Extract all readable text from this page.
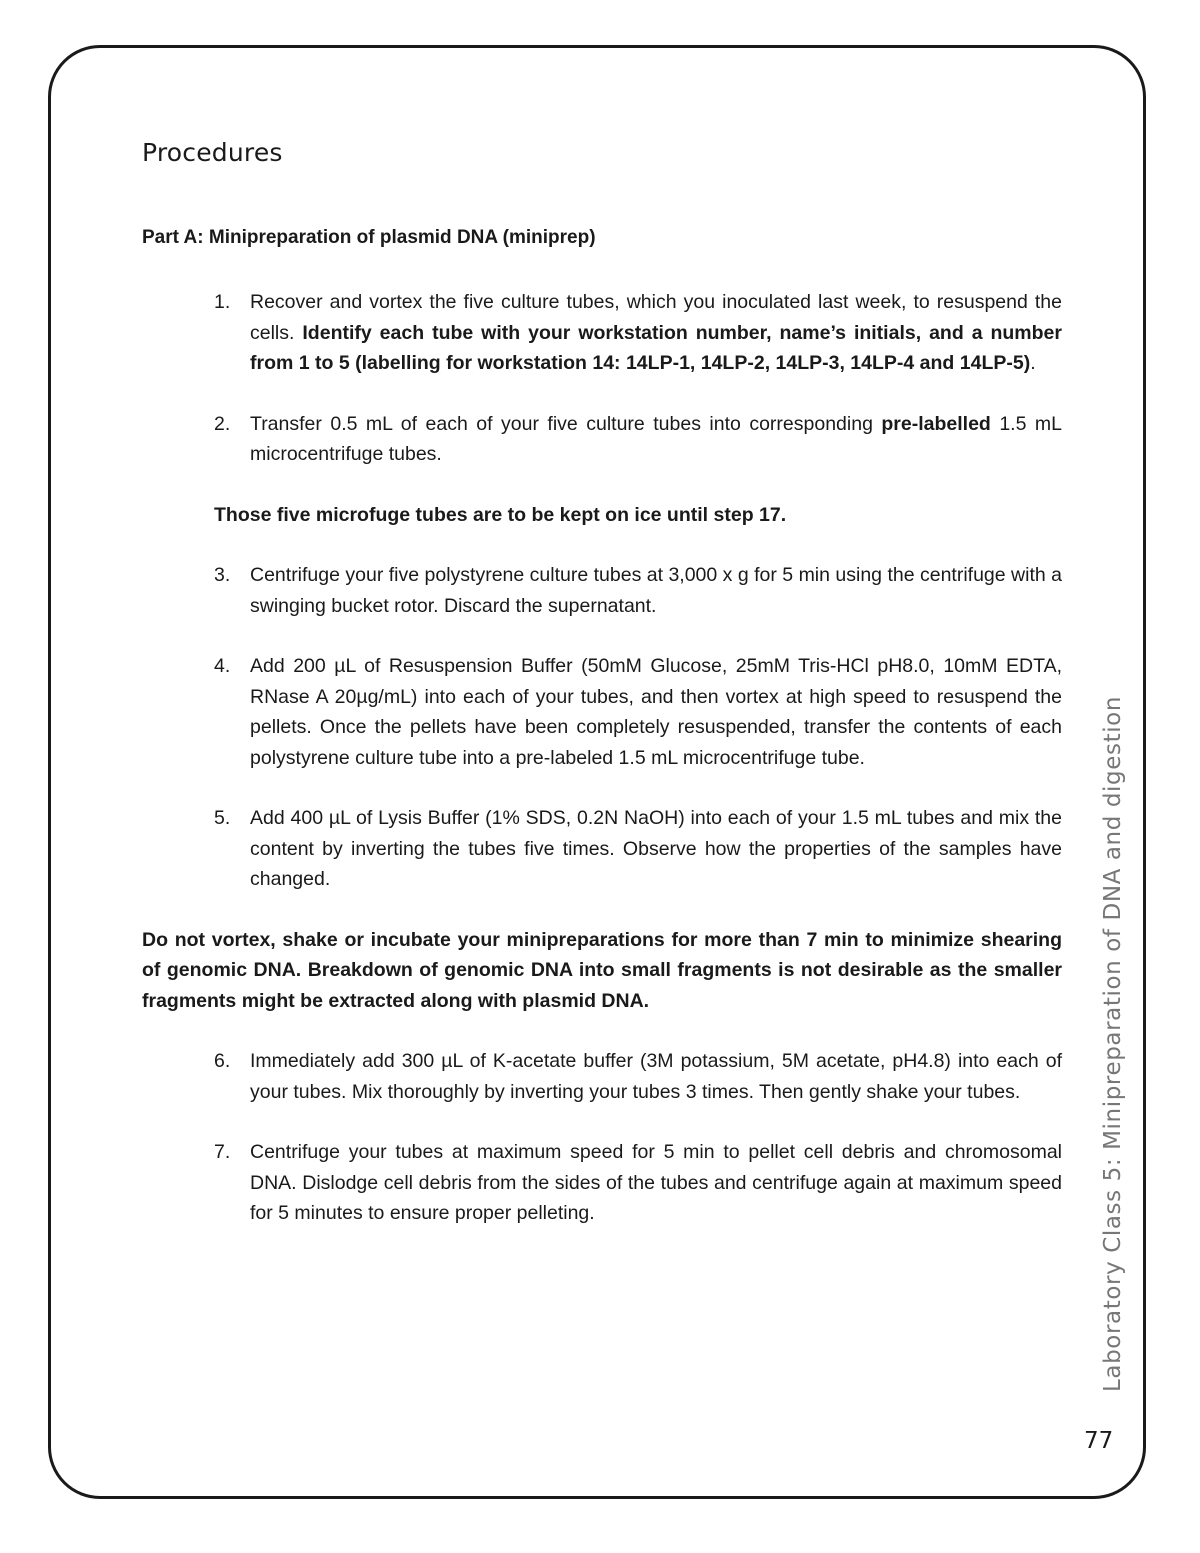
Procedures
Part A: Minipreparation of plasmid DNA (miniprep)
1. Recover and vortex the five culture tubes, which you inoculated last week, to resuspend the cells. Identify each tube with your workstation number, name’s initials, and a number from 1 to 5 (labelling for workstation 14: 14LP-1, 14LP-2, 14LP-3, 14LP-4 and 14LP-5).
2. Transfer 0.5 mL of each of your five culture tubes into corresponding pre-labelled 1.5 mL microcentrifuge tubes.
Those five microfuge tubes are to be kept on ice until step 17.
3. Centrifuge your five polystyrene culture tubes at 3,000 x g for 5 min using the centrifuge with a swinging bucket rotor. Discard the supernatant.
4. Add 200 µL of Resuspension Buffer (50mM Glucose, 25mM Tris-HCl pH8.0, 10mM EDTA, RNase A 20µg/mL) into each of your tubes, and then vortex at high speed to resuspend the pellets. Once the pellets have been completely resuspended, transfer the contents of each polystyrene culture tube into a pre-labeled 1.5 mL microcentrifuge tube.
5. Add 400 µL of Lysis Buffer (1% SDS, 0.2N NaOH) into each of your 1.5 mL tubes and mix the content by inverting the tubes five times. Observe how the properties of the samples have changed.
Do not vortex, shake or incubate your minipreparations for more than 7 min to minimize shearing of genomic DNA. Breakdown of genomic DNA into small fragments is not desirable as the smaller fragments might be extracted along with plasmid DNA.
6. Immediately add 300 µL of K-acetate buffer (3M potassium, 5M acetate, pH4.8) into each of your tubes. Mix thoroughly by inverting your tubes 3 times. Then gently shake your tubes.
7. Centrifuge your tubes at maximum speed for 5 min to pellet cell debris and chromosomal DNA. Dislodge cell debris from the sides of the tubes and centrifuge again at maximum speed for 5 minutes to ensure proper pelleting.	Laboratory Class 5: Minipreparation of DNA and digestion
77
